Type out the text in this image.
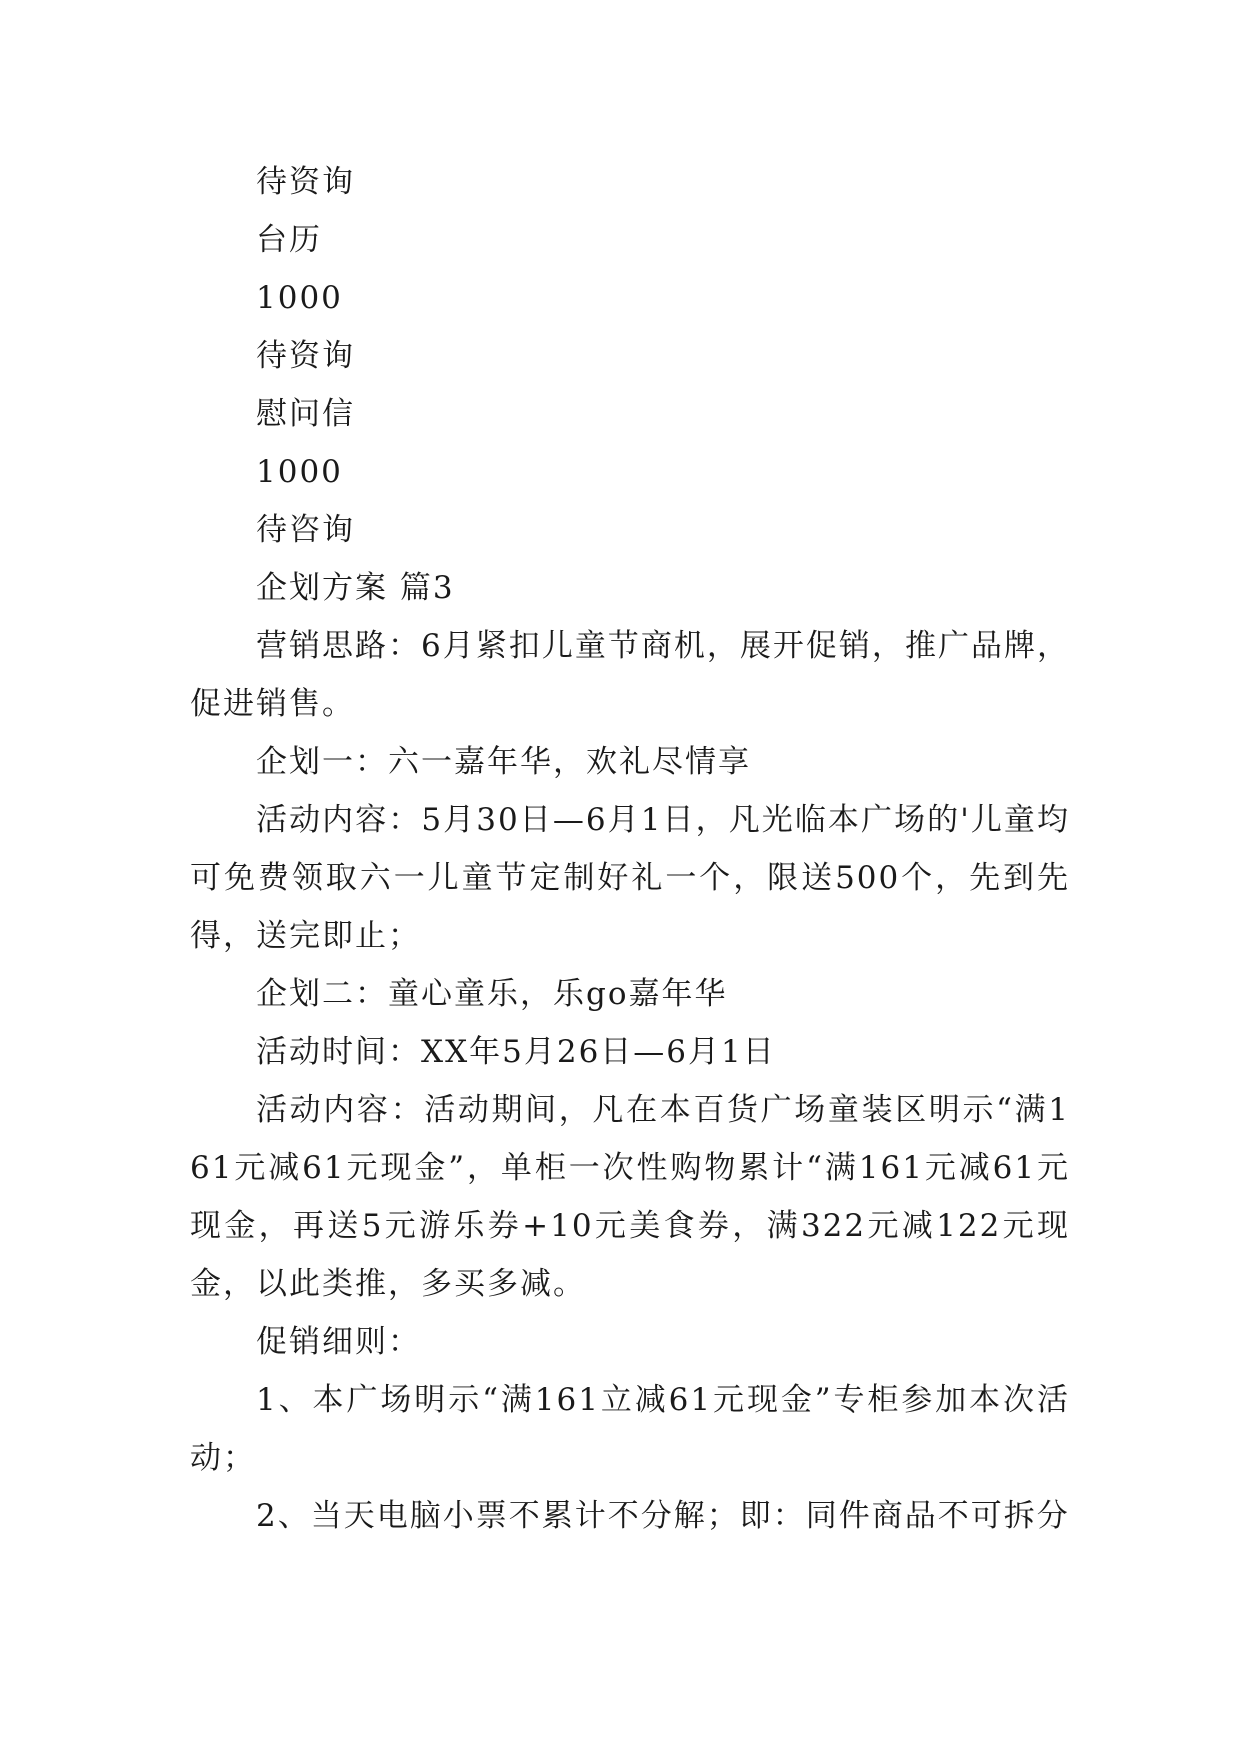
待资询

台历

1000

待资询

慰问信

1000

待咨询

企划方案 篇3

营销思路：6月紧扣儿童节商机，展开促销，推广品牌，促进销售。

企划一：六一嘉年华，欢礼尽情享

活动内容：5月30日—6月1日，凡光临本广场的'儿童均可免费领取六一儿童节定制好礼一个，限送500个，先到先得，送完即止；

企划二：童心童乐，乐go嘉年华

活动时间：XX年5月26日—6月1日

活动内容：活动期间，凡在本百货广场童装区明示“满161元减61元现金”，单柜一次性购物累计“满161元减61元现金，再送5元游乐券+10元美食券，满322元减122元现金，以此类推，多买多减。

促销细则：

1、本广场明示“满161立减61元现金”专柜参加本次活动；

2、当天电脑小票不累计不分解；即：同件商品不可拆分
